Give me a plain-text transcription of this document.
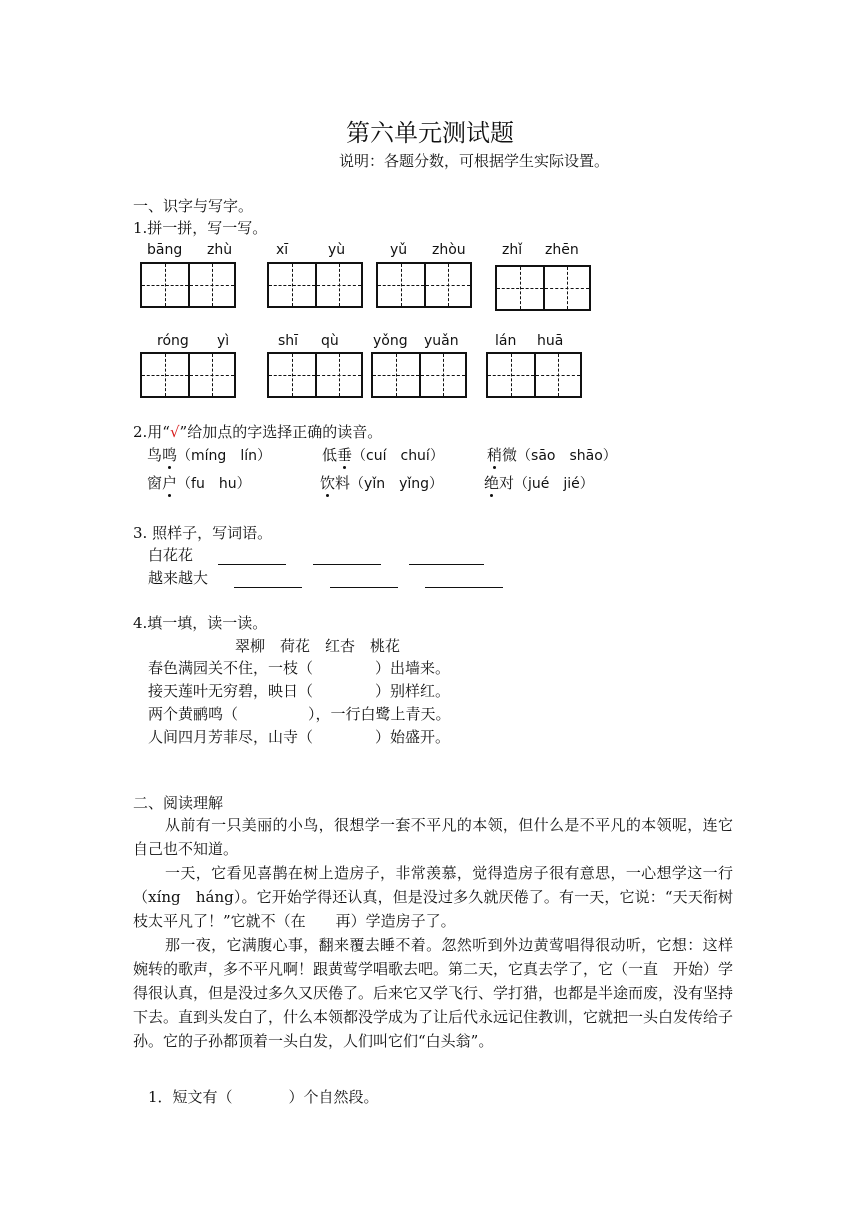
第六单元测试题
说明：各题分数，可根据学生实际设置。
一、识字与写字。
1.拼一拼，写一写。
bāng zhù	xī	yù	yǔ zhòu	zhǐ zhēn
róng yì	shī qù yǒng yuǎn	lán huā
2.用“√”给加点的字选择正确的读音。
鸟鸣（míng　lín）	低垂（cuí　chuí）	稍微（sāo　shāo）
窗户（fu　hu）	饮料（yǐn　yǐng）	绝对（jué　jié）
3. 照样子，写词语。
白花花
越来越大
4.填一填，读一读。
翠柳　荷花　红杏　桃花
春色满园关不住，一枝（	）出墙来。
接天莲叶无穷碧，映日（	）别样红。
两个黄鹂鸣（	），一行白鹭上青天。
人间四月芳菲尽，山寺（	）始盛开。
二、阅读理解
从前有一只美丽的小鸟，很想学一套不平凡的本领，但什么是不平凡的本领呢，连它自己也不知道。
一天，它看见喜鹊在树上造房子，非常羡慕，觉得造房子很有意思，一心想学这一行（xíng　háng）。它开始学得还认真，但是没过多久就厌倦了。有一天，它说：“天天衔树枝太平凡了！”它就不（在　　再）学造房子了。
那一夜，它满腹心事，翻来覆去睡不着。忽然听到外边黄莺唱得很动听，它想：这样婉转的歌声，多不平凡啊！跟黄莺学唱歌去吧。第二天，它真去学了，它（一直　开始）学得很认真，但是没过多久又厌倦了。后来它又学飞行、学打猎，也都是半途而废，没有坚持下去。直到头发白了，什么本领都没学成为了让后代永远记住教训，它就把一头白发传给子孙。它的子孙都顶着一头白发，人们叫它们“白头翁”。
1．短文有（	）个自然段。
